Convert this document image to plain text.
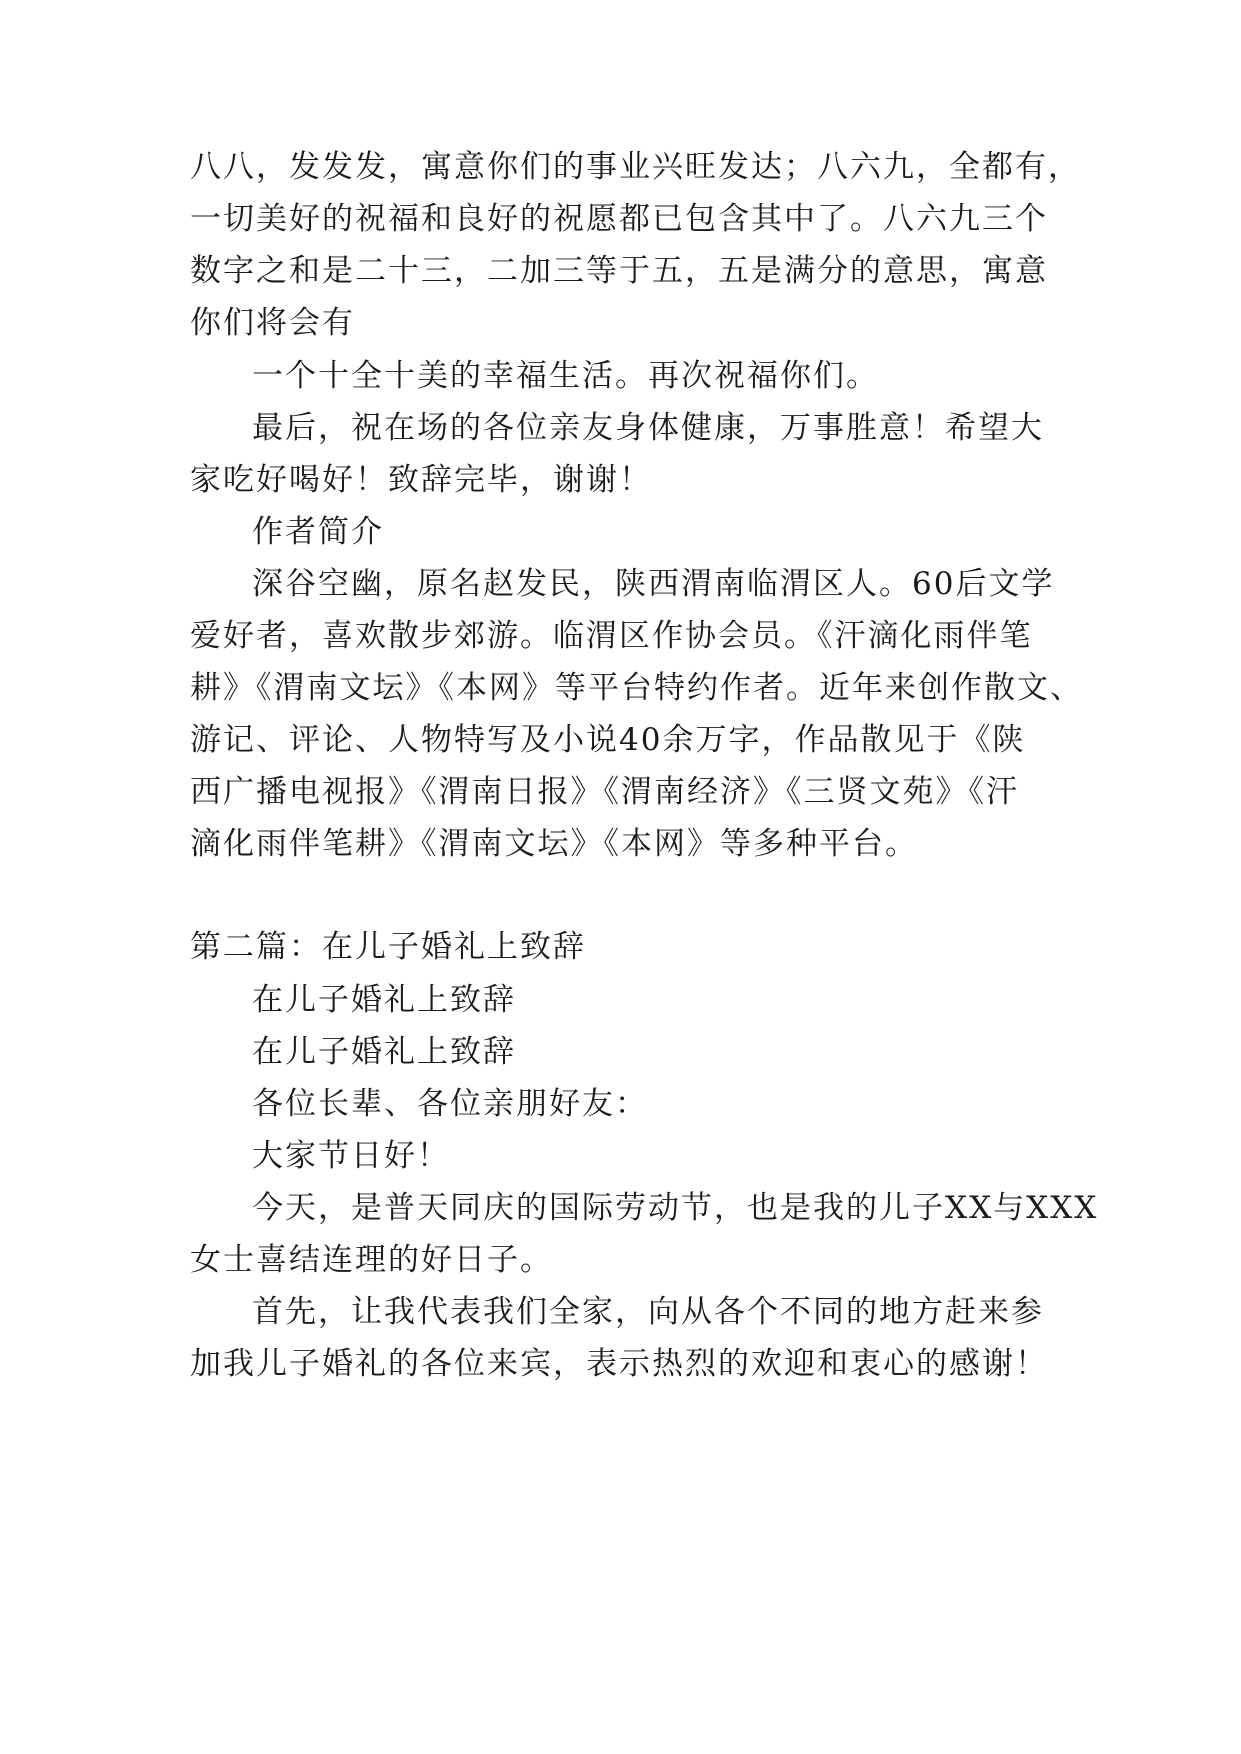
八八，发发发，寓意你们的事业兴旺发达；八六九，全都有，
一切美好的祝福和良好的祝愿都已包含其中了。八六九三个
数字之和是二十三，二加三等于五，五是满分的意思，寓意
你们将会有
一个十全十美的幸福生活。再次祝福你们。
最后，祝在场的各位亲友身体健康，万事胜意！希望大
家吃好喝好！致辞完毕，谢谢！
作者简介
深谷空幽，原名赵发民，陕西渭南临渭区人。60后文学
爱好者，喜欢散步郊游。临渭区作协会员。《汗滴化雨伴笔
耕》《渭南文坛》《本网》等平台特约作者。近年来创作散文、
游记、评论、人物特写及小说40余万字，作品散见于《陕
西广播电视报》《渭南日报》《渭南经济》《三贤文苑》《汗
滴化雨伴笔耕》《渭南文坛》《本网》等多种平台。
第二篇：在儿子婚礼上致辞
在儿子婚礼上致辞
在儿子婚礼上致辞
各位长辈、各位亲朋好友：
大家节日好！
今天，是普天同庆的国际劳动节，也是我的儿子XX与XXX
女士喜结连理的好日子。
首先，让我代表我们全家，向从各个不同的地方赶来参
加我儿子婚礼的各位来宾，表示热烈的欢迎和衷心的感谢！
